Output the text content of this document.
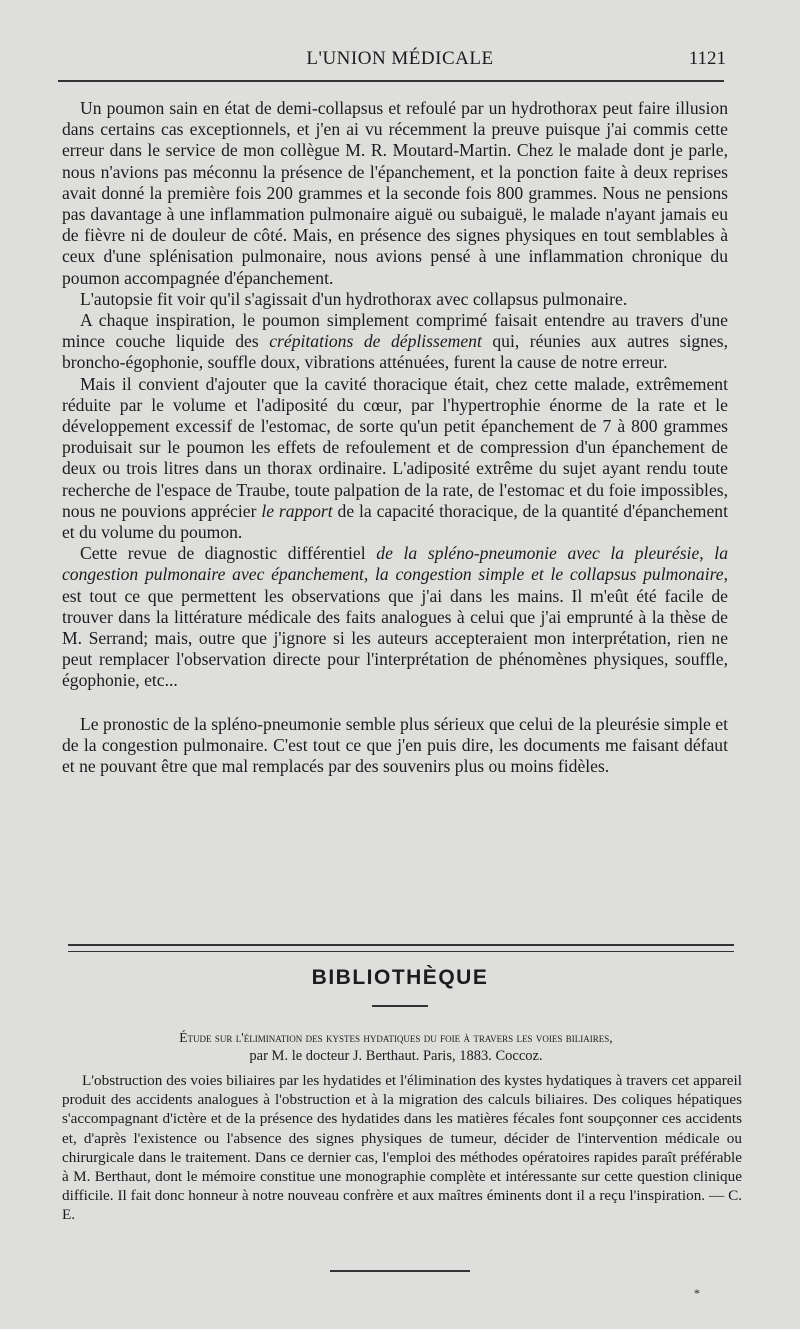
L'UNION MÉDICALE	1121

Un poumon sain en état de demi-collapsus et refoulé par un hydrothorax peut faire illusion dans certains cas exceptionnels, et j'en ai vu récemment la preuve puisque j'ai commis cette erreur dans le service de mon collègue M. R. Moutard-Martin. Chez le malade dont je parle, nous n'avions pas méconnu la présence de l'épanchement, et la ponction faite à deux reprises avait donné la première fois 200 grammes et la seconde fois 800 grammes. Nous ne pensions pas davantage à une inflammation pulmonaire aiguë ou subaiguë, le malade n'ayant jamais eu de fièvre ni de douleur de côté. Mais, en présence des signes physiques en tout semblables à ceux d'une splénisation pulmonaire, nous avions pensé à une inflammation chronique du poumon accompagnée d'épanchement.

L'autopsie fit voir qu'il s'agissait d'un hydrothorax avec collapsus pulmonaire.

A chaque inspiration, le poumon simplement comprimé faisait entendre au travers d'une mince couche liquide des crépitations de déplissement qui, réunies aux autres signes, broncho-égophonie, souffle doux, vibrations atténuées, furent la cause de notre erreur.

Mais il convient d'ajouter que la cavité thoracique était, chez cette malade, extrêmement réduite par le volume et l'adiposité du cœur, par l'hypertrophie énorme de la rate et le développement excessif de l'estomac, de sorte qu'un petit épanchement de 7 à 800 grammes produisait sur le poumon les effets de refoulement et de compression d'un épanchement de deux ou trois litres dans un thorax ordinaire. L'adiposité extrême du sujet ayant rendu toute recherche de l'espace de Traube, toute palpation de la rate, de l'estomac et du foie impossibles, nous ne pouvions apprécier le rapport de la capacité thoracique, de la quantité d'épanchement et du volume du poumon.

Cette revue de diagnostic différentiel de la spléno-pneumonie avec la pleurésie, la congestion pulmonaire avec épanchement, la congestion simple et le collapsus pulmonaire, est tout ce que permettent les observations que j'ai dans les mains. Il m'eût été facile de trouver dans la littérature médicale des faits analogues à celui que j'ai emprunté à la thèse de M. Serrand; mais, outre que j'ignore si les auteurs accepteraient mon interprétation, rien ne peut remplacer l'observation directe pour l'interprétation de phénomènes physiques, souffle, égophonie, etc...

Le pronostic de la spléno-pneumonie semble plus sérieux que celui de la pleurésie simple et de la congestion pulmonaire. C'est tout ce que j'en puis dire, les documents me faisant défaut et ne pouvant être que mal remplacés par des souvenirs plus ou moins fidèles.

BIBLIOTHÈQUE
Étude sur l'élimination des kystes hydatiques du foie à travers les voies biliaires,
par M. le docteur J. Berthaut. Paris, 1883. Coccoz.

L'obstruction des voies biliaires par les hydatides et l'élimination des kystes hydatiques à travers cet appareil produit des accidents analogues à l'obstruction et à la migration des calculs biliaires. Des coliques hépatiques s'accompagnant d'ictère et de la présence des hydatides dans les matières fécales font soupçonner ces accidents et, d'après l'existence ou l'absence des signes physiques de tumeur, décider de l'intervention médicale ou chirurgicale dans le traitement. Dans ce dernier cas, l'emploi des méthodes opératoires rapides paraît préférable à M. Berthaut, dont le mémoire constitue une monographie complète et intéressante sur cette question clinique difficile. Il fait donc honneur à notre nouveau confrère et aux maîtres éminents dont il a reçu l'inspiration. — C. E.

*
